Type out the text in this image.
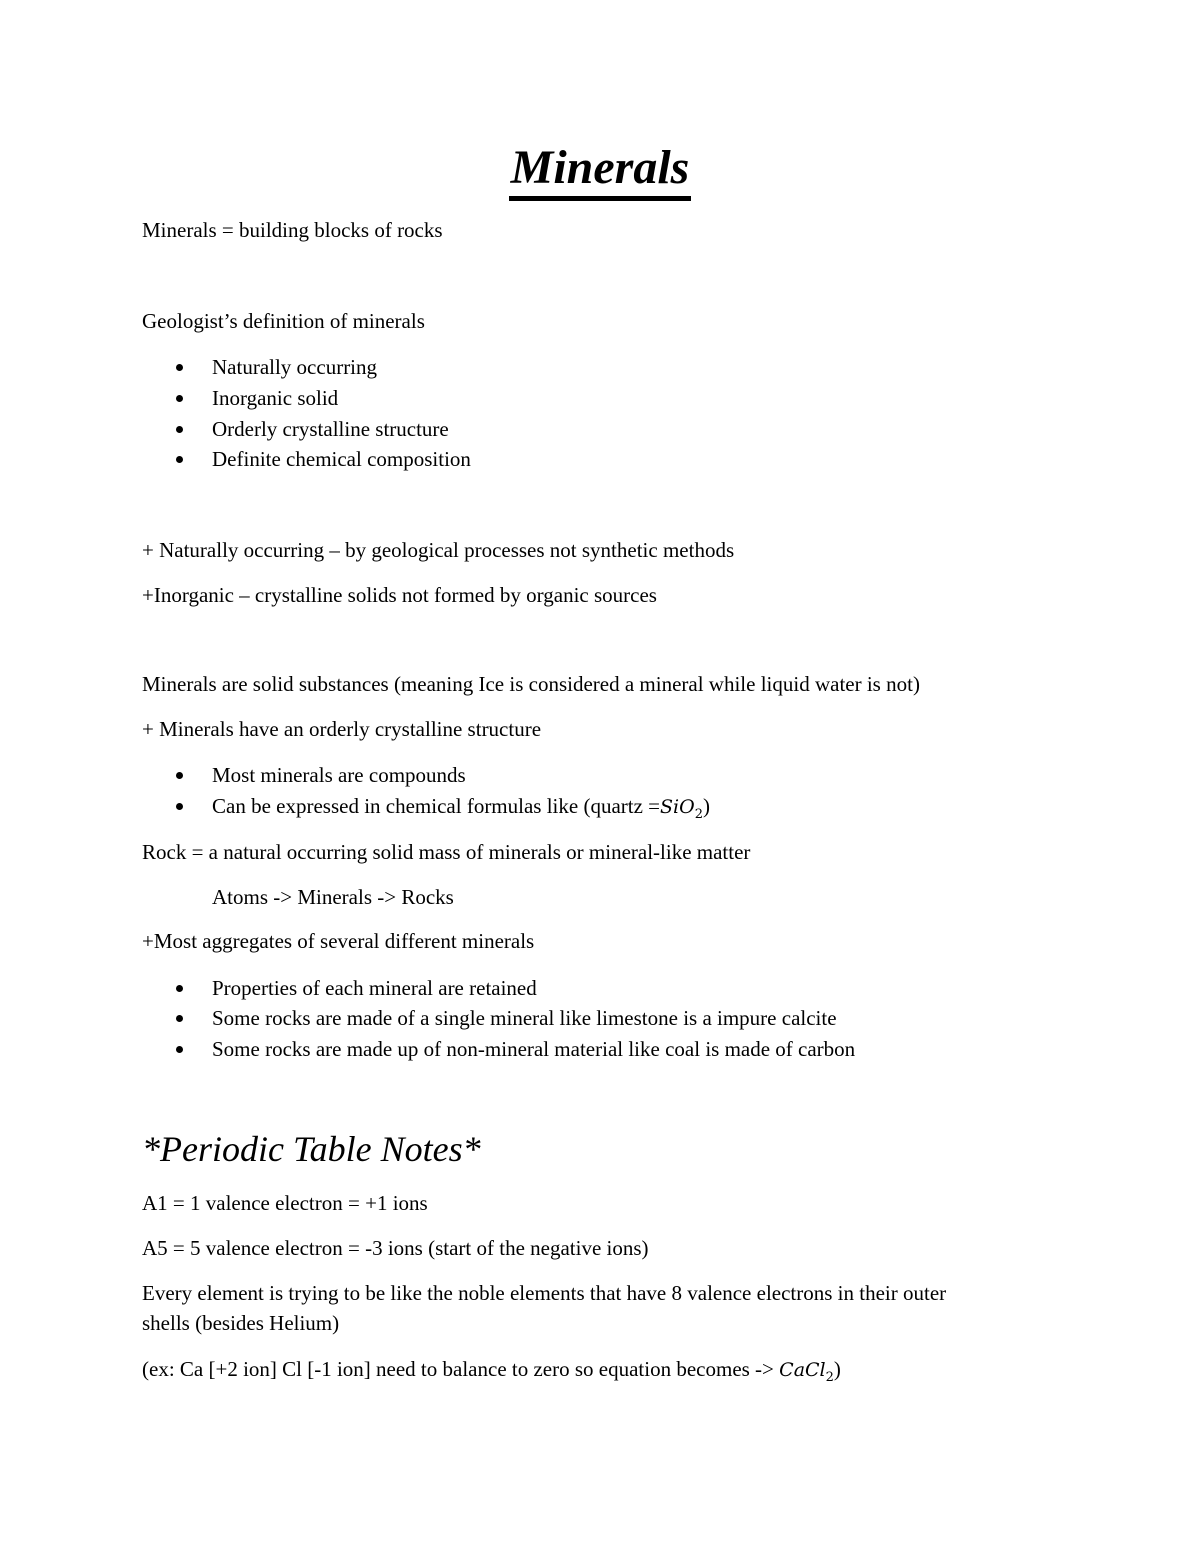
Minerals
Minerals = building blocks of rocks
Geologist’s definition of minerals
Naturally occurring
Inorganic solid
Orderly crystalline structure
Definite chemical composition
+ Naturally occurring – by geological processes not synthetic methods
+Inorganic – crystalline solids not formed by organic sources
Minerals are solid substances (meaning Ice is considered a mineral while liquid water is not)
+ Minerals have an orderly crystalline structure
Most minerals are compounds
Can be expressed in chemical formulas like (quartz =SiO$_2$)
Rock = a natural occurring solid mass of minerals or mineral-like matter
Atoms -> Minerals -> Rocks
+Most aggregates of several different minerals
Properties of each mineral are retained
Some rocks are made of a single mineral like limestone is a impure calcite
Some rocks are made up of non-mineral material like coal is made of carbon
*Periodic Table Notes*
A1 = 1 valence electron = +1 ions
A5 = 5 valence electron = -3 ions (start of the negative ions)
Every element is trying to be like the noble elements that have 8 valence electrons in their outer
shells (besides Helium)
(ex: Ca [+2 ion] Cl [-1 ion] need to balance to zero so equation becomes -> CaCl$_2$)
